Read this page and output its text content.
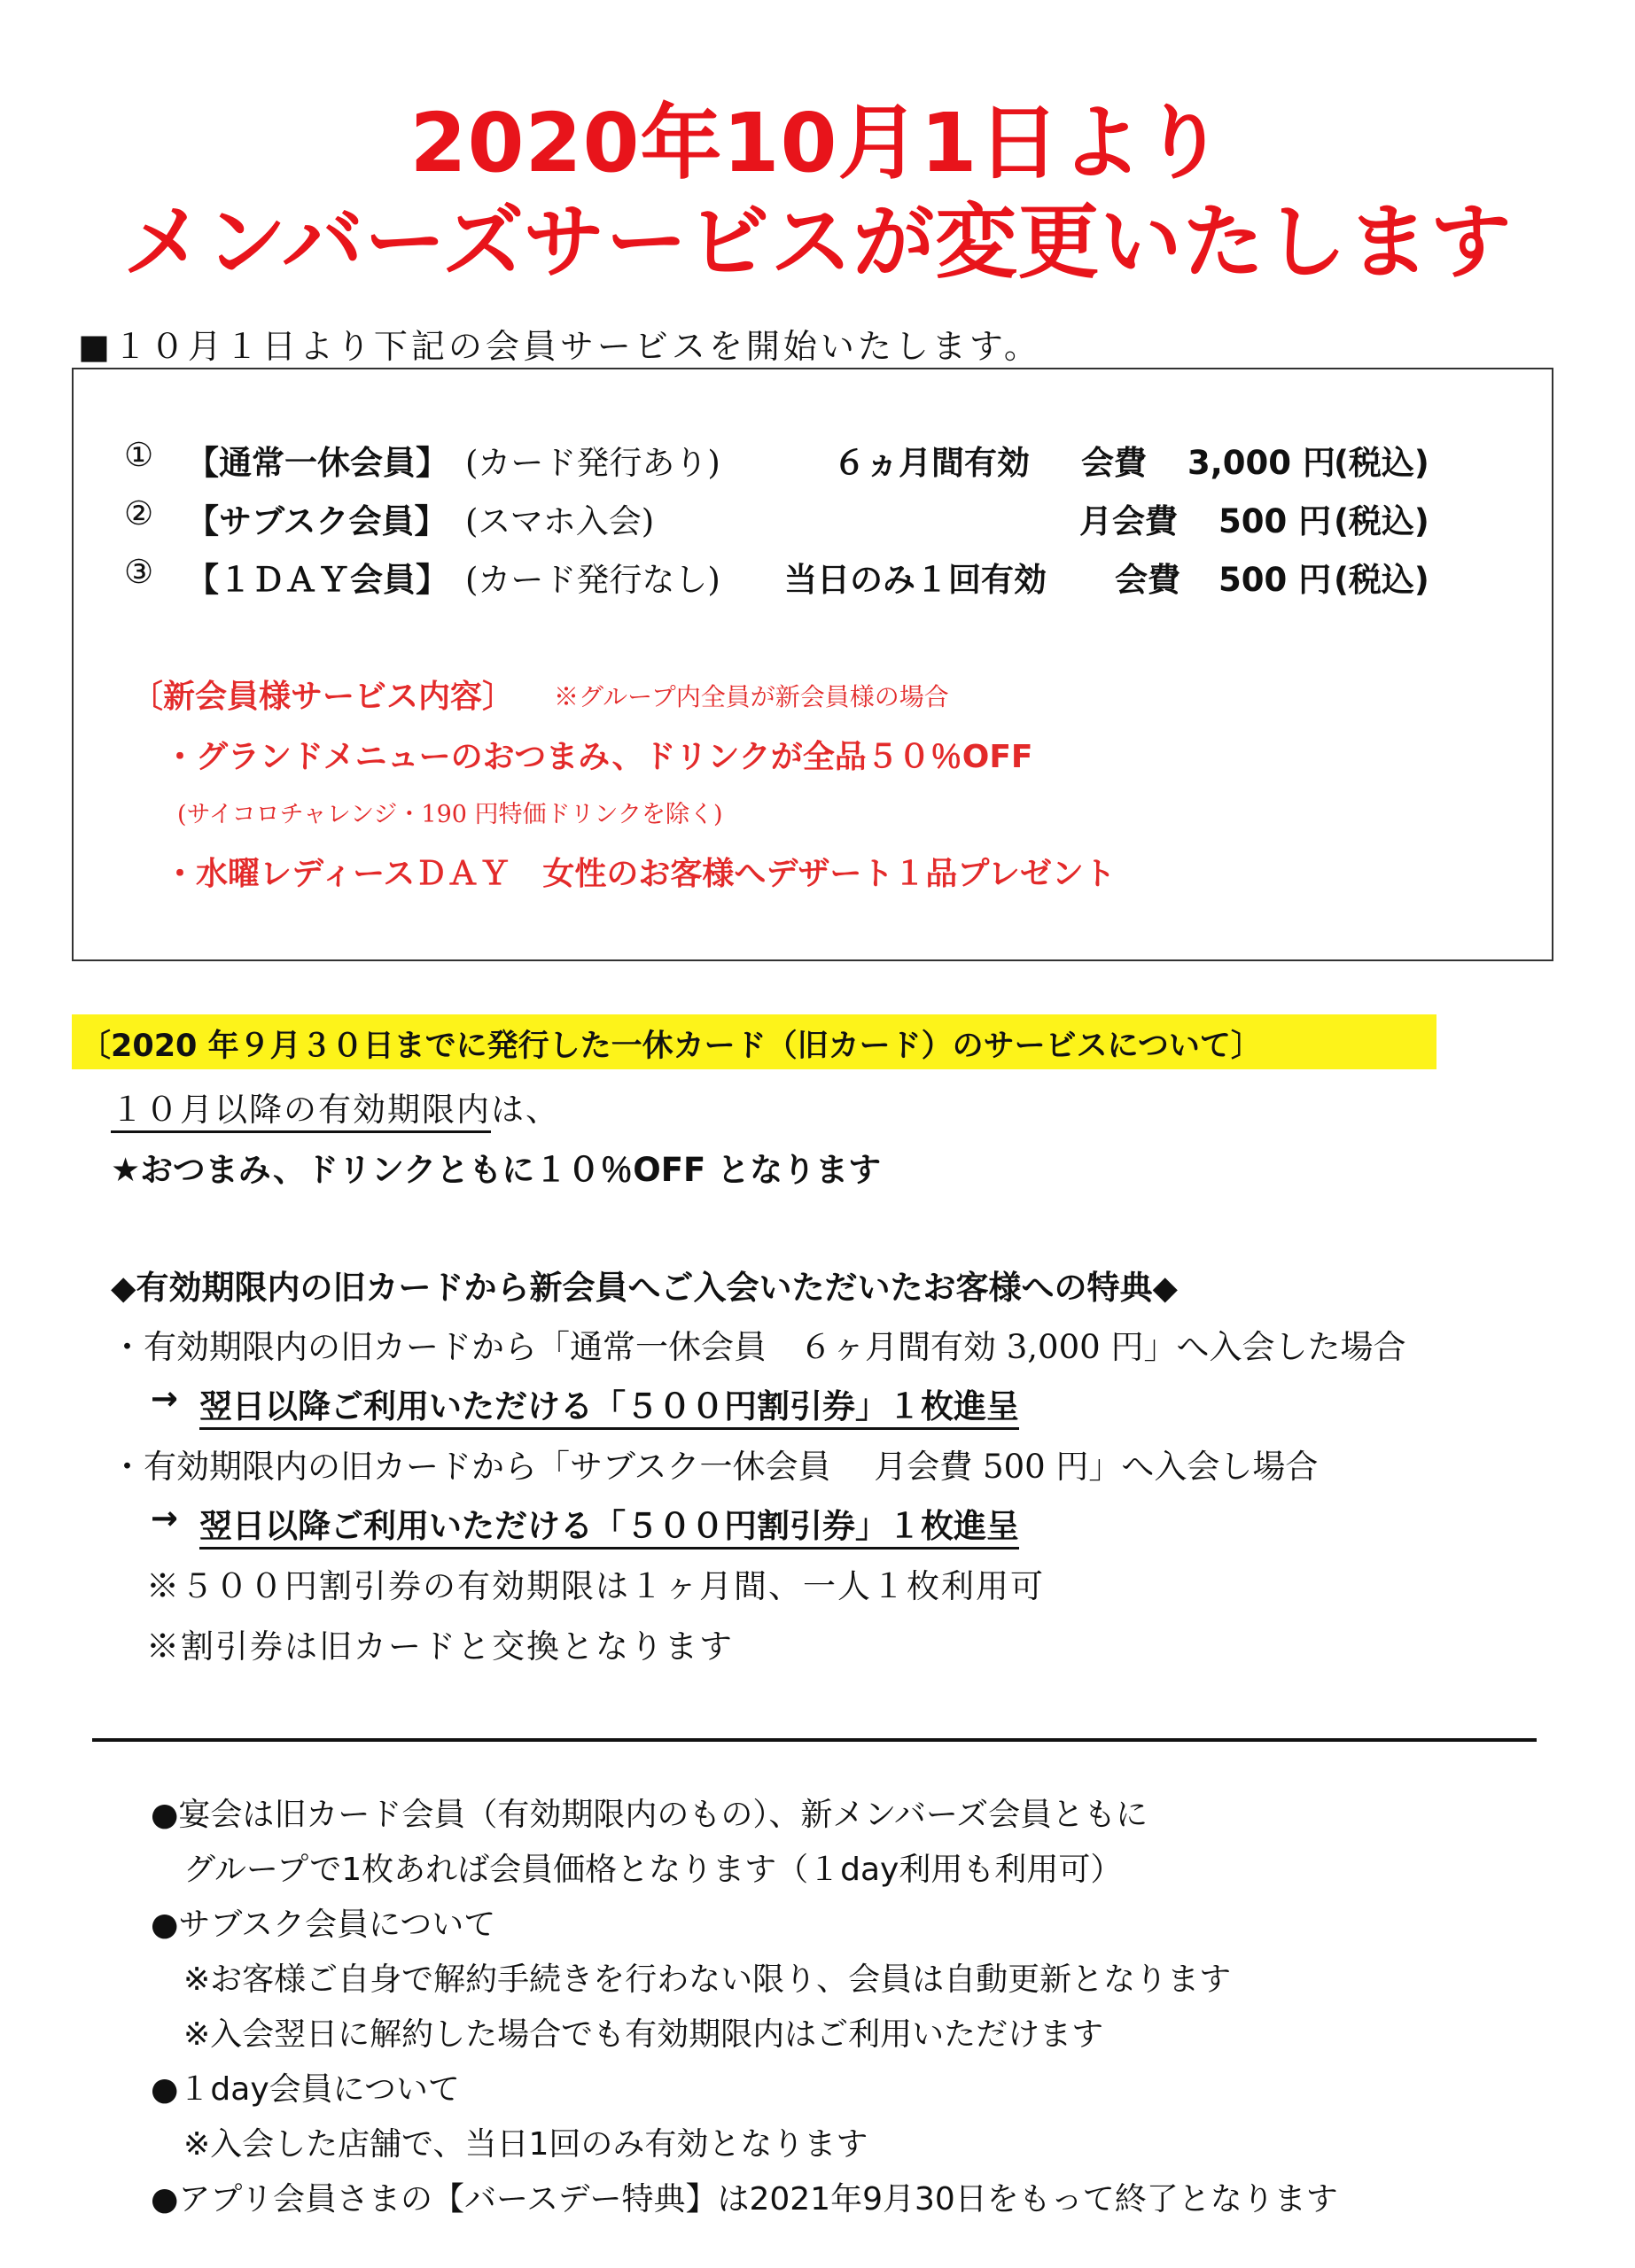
2020年10月1日より
メンバーズサービスが変更いたします
■１０月１日より下記の会員サービスを開始いたします。
① 【通常一休会員】 (カード発行あり)	６ヵ月間有効 会費 3,000 円
(税込)
② 【サブスク会員】 (スマホ入会)	月会費 500 円 (税込)
③ 【１ＤＡＹ会員】 (カード発行なし) 当日のみ１回有効 会費 500 円 (税込)
〔新会員様サービス内容〕 ※グループ内全員が新会員様の場合
・グランドメニューのおつまみ、ドリンクが全品５０％OFF
(サイコロチャレンジ・190 円特価ドリンクを除く)
・水曜レディースＤＡＹ　女性のお客様へデザート１品プレゼント
〔2020 年９月３０日までに発行した一休カード（旧カード）のサービスについて〕
１０月以降の有効期限内は、
★おつまみ、ドリンクともに１０％OFF となります
◆有効期限内の旧カードから新会員へご入会いただいたお客様への特典◆
・有効期限内の旧カードから「通常一休会員　６ヶ月間有効 3,000 円」へ入会した場合
→ 翌日以降ご利用いただける「５００円割引券」１枚進呈
・有効期限内の旧カードから「サブスク一休会員　 月会費 500 円」へ入会し場合
→ 翌日以降ご利用いただける「５００円割引券」１枚進呈
※５００円割引券の有効期限は１ヶ月間、一人１枚利用可
※割引券は旧カードと交換となります
●宴会は旧カード会員（有効期限内のもの）、新メンバーズ会員ともに
グループで1枚あれば会員価格となります（１day利用も利用可）
●サブスク会員について
※お客様ご自身で解約手続きを行わない限り、会員は自動更新となります
※入会翌日に解約した場合でも有効期限内はご利用いただけます
●１day会員について
※入会した店舗で、当日1回のみ有効となります
●アプリ会員さまの【バースデー特典】は2021年9月30日をもって終了となります
